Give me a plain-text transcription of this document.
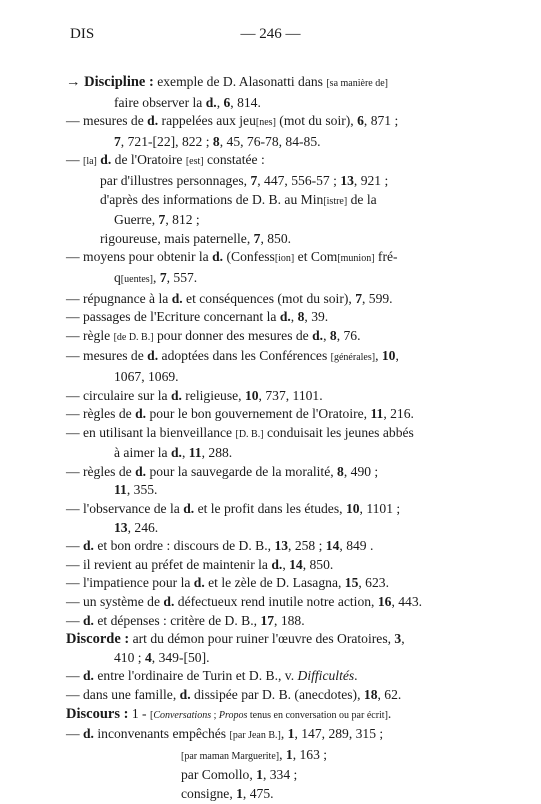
DIS	— 246 —
→ Discipline : exemple de D. Alasonatti dans [sa manière de]
faire observer la d., 6, 814.
— mesures de d. rappelées aux jeu[nes] (mot du soir), 6, 871 ;
7, 721-[22], 822 ; 8, 45, 76-78, 84-85.
— [la] d. de l'Oratoire [est] constatée :
par d'illustres personnages, 7, 447, 556-57 ; 13, 921 ;
d'après des informations de D. B. au Min[istre] de la
Guerre, 7, 812 ;
rigoureuse, mais paternelle, 7, 850.
— moyens pour obtenir la d. (Confess[ion] et Com[munion] fré-
q[uentes], 7, 557.
— répugnance à la d. et conséquences (mot du soir), 7, 599.
— passages de l'Ecriture concernant la d., 8, 39.
— règle [de D. B.] pour donner des mesures de d., 8, 76.
— mesures de d. adoptées dans les Conférences [générales], 10,
1067, 1069.
— circulaire sur la d. religieuse, 10, 737, 1101.
— règles de d. pour le bon gouvernement de l'Oratoire, 11, 216.
— en utilisant la bienveillance [D. B.] conduisait les jeunes abbés
à aimer la d., 11, 288.
— règles de d. pour la sauvegarde de la moralité, 8, 490 ;
11, 355.
— l'observance de la d. et le profit dans les études, 10, 1101 ;
13, 246.
— d. et bon ordre : discours de D. B., 13, 258 ; 14, 849 .
— il revient au préfet de maintenir la d., 14, 850.
— l'impatience pour la d. et le zèle de D. Lasagna, 15, 623.
— un système de d. défectueux rend inutile notre action, 16, 443.
— d. et dépenses : critère de D. B., 17, 188.
Discorde : art du démon pour ruiner l'œuvre des Oratoires, 3,
410 ; 4, 349-[50].
— d. entre l'ordinaire de Turin et D. B., v. Difficultés.
— dans une famille, d. dissipée par D. B. (anecdotes), 18, 62.
Discours : 1 - [Conversations ; Propos tenus en conversation ou par écrit].
— d. inconvenants empêchés [par Jean B.], 1, 147, 289, 315 ;
[par maman Marguerite], 1, 163 ;
par Comollo, 1, 334 ;
consigne, 1, 475.
